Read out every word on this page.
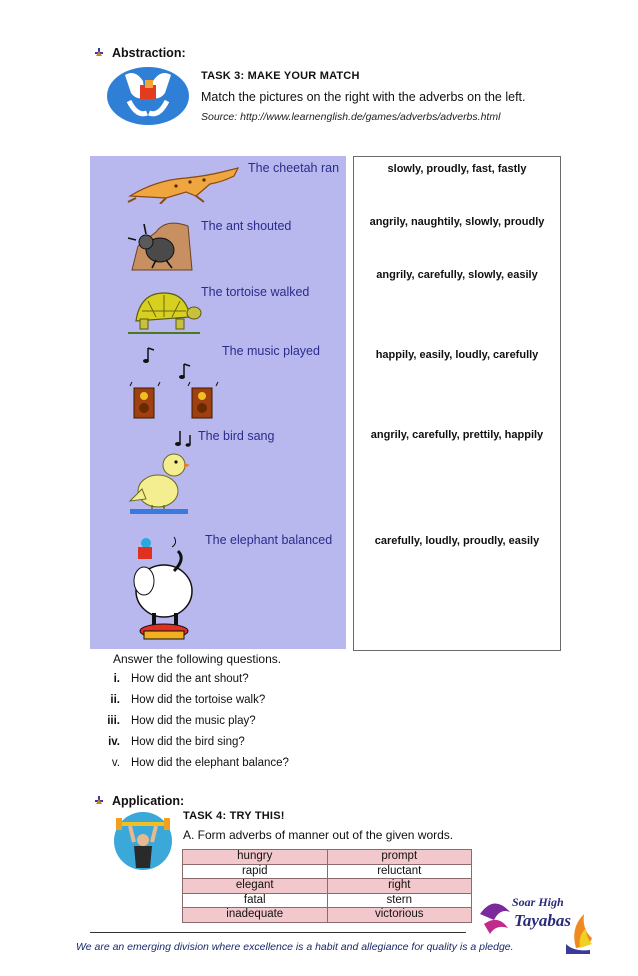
Abstraction:
TASK 3: MAKE YOUR MATCH
Match the pictures on the right with the adverbs on the left.
Source: http://www.learnenglish.de/games/adverbs/adverbs.html
The cheetah ran
The ant shouted
The tortoise walked
The music played
The bird sang
The elephant balanced
slowly, proudly, fast, fastly
angrily, naughtily, slowly, proudly
angrily, carefully, slowly, easily
happily, easily, loudly, carefully
angrily, carefully, prettily, happily
carefully, loudly, proudly, easily
Answer the following questions.
i. How did the ant shout?
ii. How did the tortoise walk?
iii. How did the music play?
iv. How did the bird sing?
v. How did the elephant balance?
Application:
TASK 4: TRY THIS!
A. Form adverbs of manner out of the given words.
hungry	prompt
rapid	reluctant
elegant	right
fatal	stern
inadequate	victorious
Soar High
Tayabas
We are an emerging division where excellence is a habit and allegiance for quality is a pledge.
